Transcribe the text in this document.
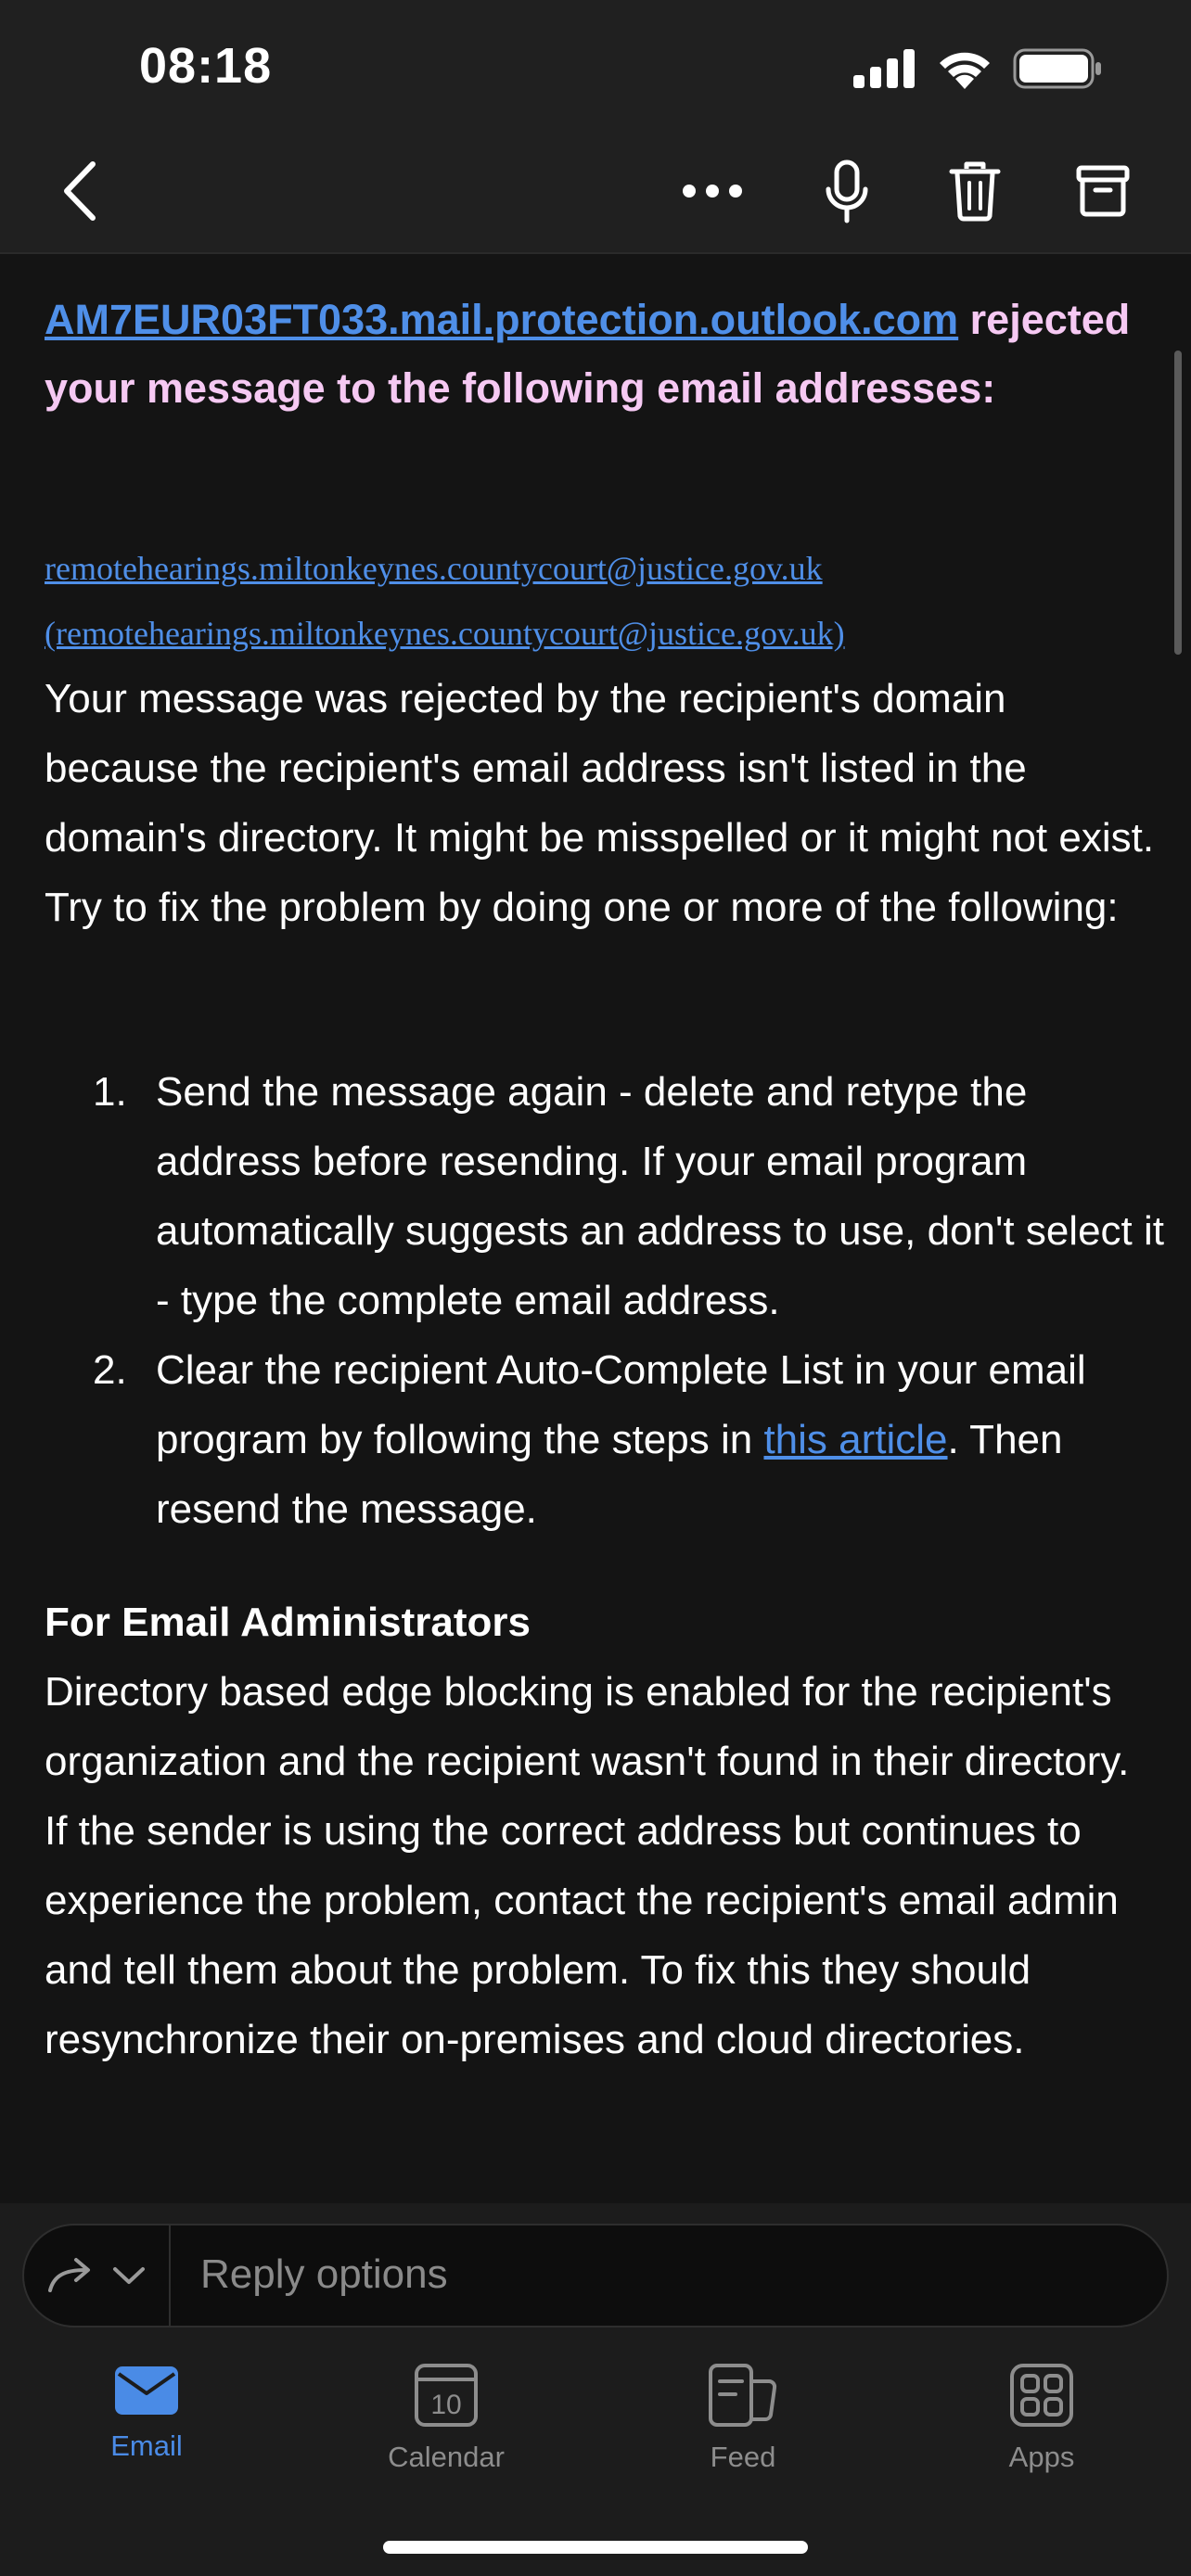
08:18
AM7EUR03FT033.mail.protection.outlook.com rejected your message to the following email addresses:
remotehearings.miltonkeynes.countycourt@justice.gov.uk
(remotehearings.miltonkeynes.countycourt@justice.gov.uk)
Your message was rejected by the recipient's domain because the recipient's email address isn't listed in the domain's directory. It might be misspelled or it might not exist. Try to fix the problem by doing one or more of the following:
1. Send the message again - delete and retype the address before resending. If your email program automatically suggests an address to use, don't select it - type the complete email address.
2. Clear the recipient Auto-Complete List in your email program by following the steps in this article. Then resend the message.
For Email Administrators
Directory based edge blocking is enabled for the recipient's organization and the recipient wasn't found in their directory. If the sender is using the correct address but continues to experience the problem, contact the recipient's email admin and tell them about the problem. To fix this they should resynchronize their on-premises and cloud directories.
Reply options
Email
10
Calendar	Feed	Apps
